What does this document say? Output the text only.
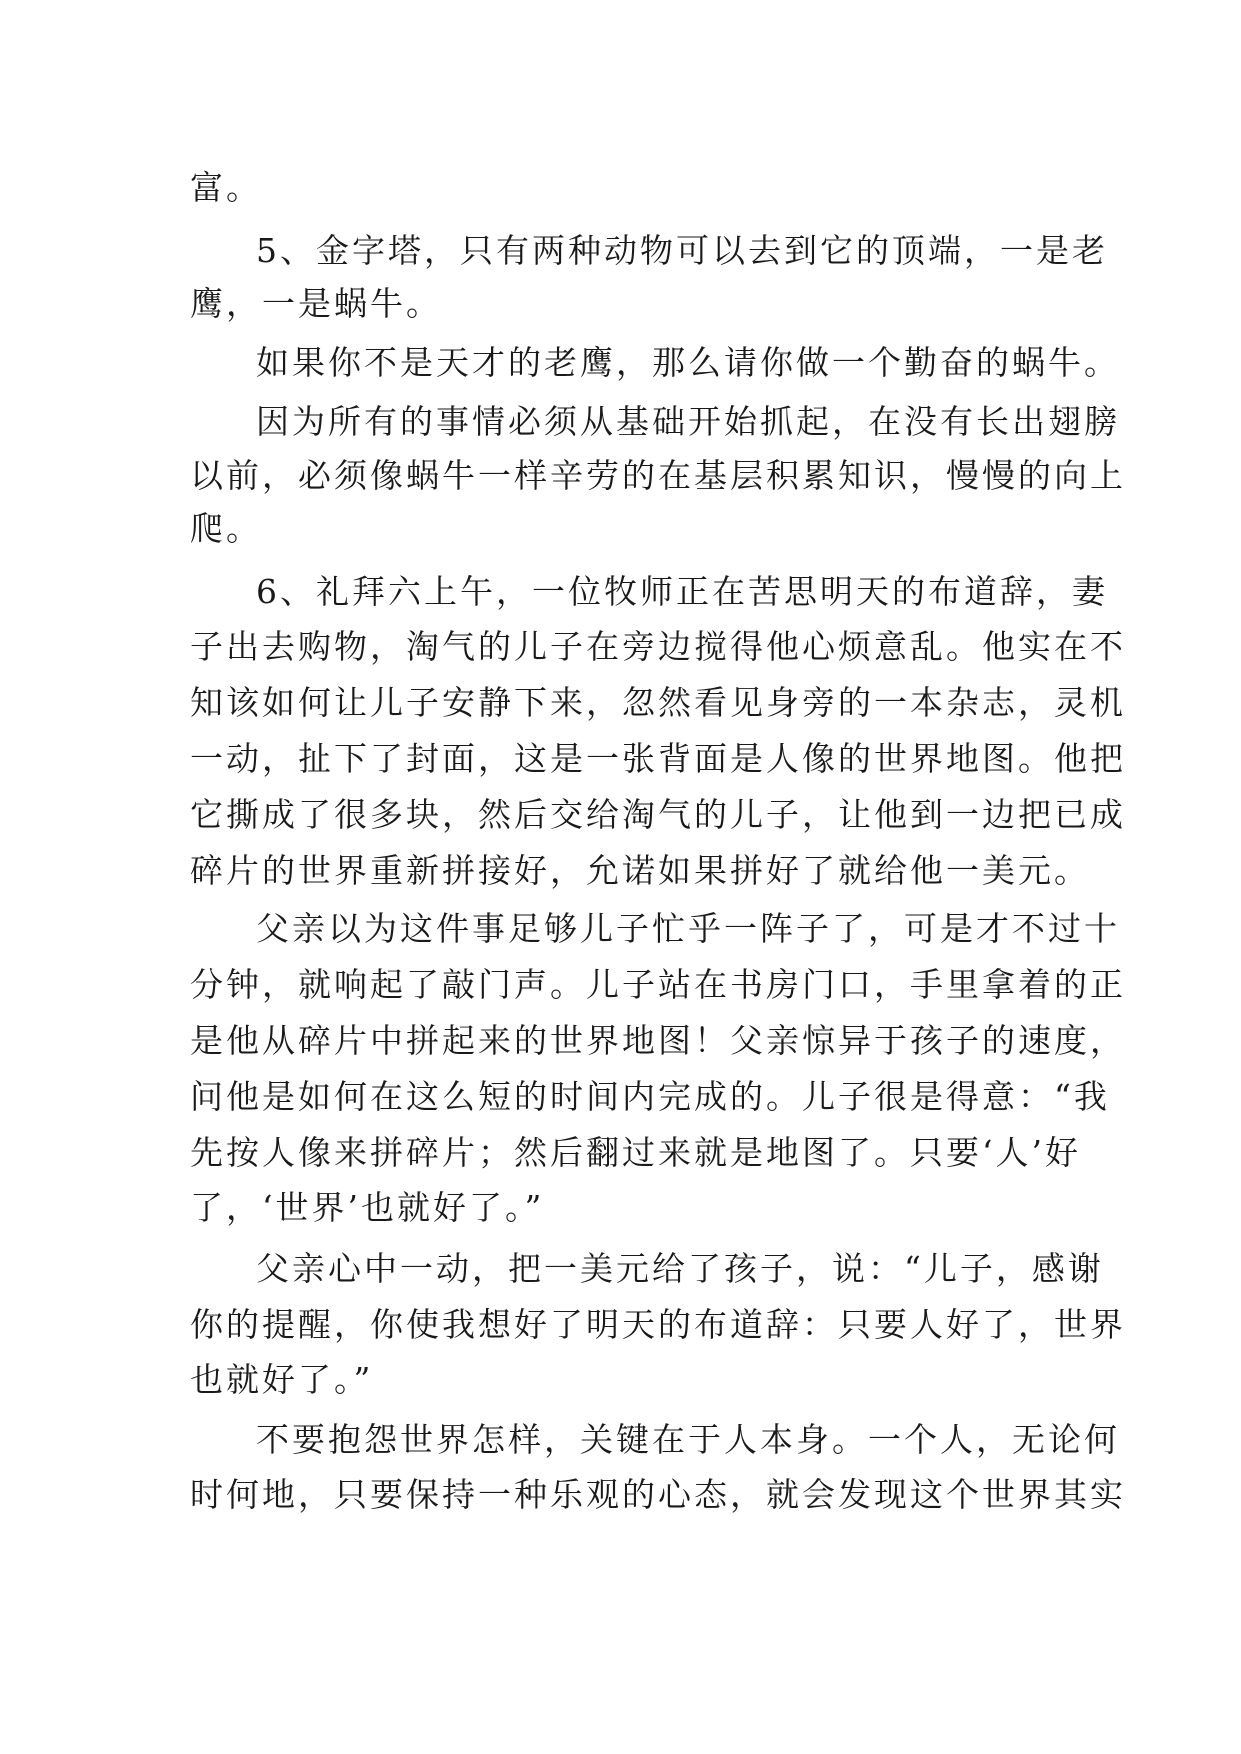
富。
5、金字塔，只有两种动物可以去到它的顶端，一是老
鹰，一是蜗牛。
如果你不是天才的老鹰，那么请你做一个勤奋的蜗牛。
因为所有的事情必须从基础开始抓起，在没有长出翅膀
以前，必须像蜗牛一样辛劳的在基层积累知识，慢慢的向上
爬。
6、礼拜六上午，一位牧师正在苦思明天的布道辞，妻
子出去购物，淘气的儿子在旁边搅得他心烦意乱。他实在不
知该如何让儿子安静下来，忽然看见身旁的一本杂志，灵机
一动，扯下了封面，这是一张背面是人像的世界地图。他把
它撕成了很多块，然后交给淘气的儿子，让他到一边把已成
碎片的世界重新拼接好，允诺如果拼好了就给他一美元。
父亲以为这件事足够儿子忙乎一阵子了，可是才不过十
分钟，就响起了敲门声。儿子站在书房门口，手里拿着的正
是他从碎片中拼起来的世界地图！父亲惊异于孩子的速度，
问他是如何在这么短的时间内完成的。儿子很是得意：“我
先按人像来拼碎片；然后翻过来就是地图了。只要‘人’好
了，‘世界’也就好了。”
父亲心中一动，把一美元给了孩子，说：“儿子，感谢
你的提醒，你使我想好了明天的布道辞：只要人好了，世界
也就好了。”
不要抱怨世界怎样，关键在于人本身。一个人，无论何
时何地，只要保持一种乐观的心态，就会发现这个世界其实
